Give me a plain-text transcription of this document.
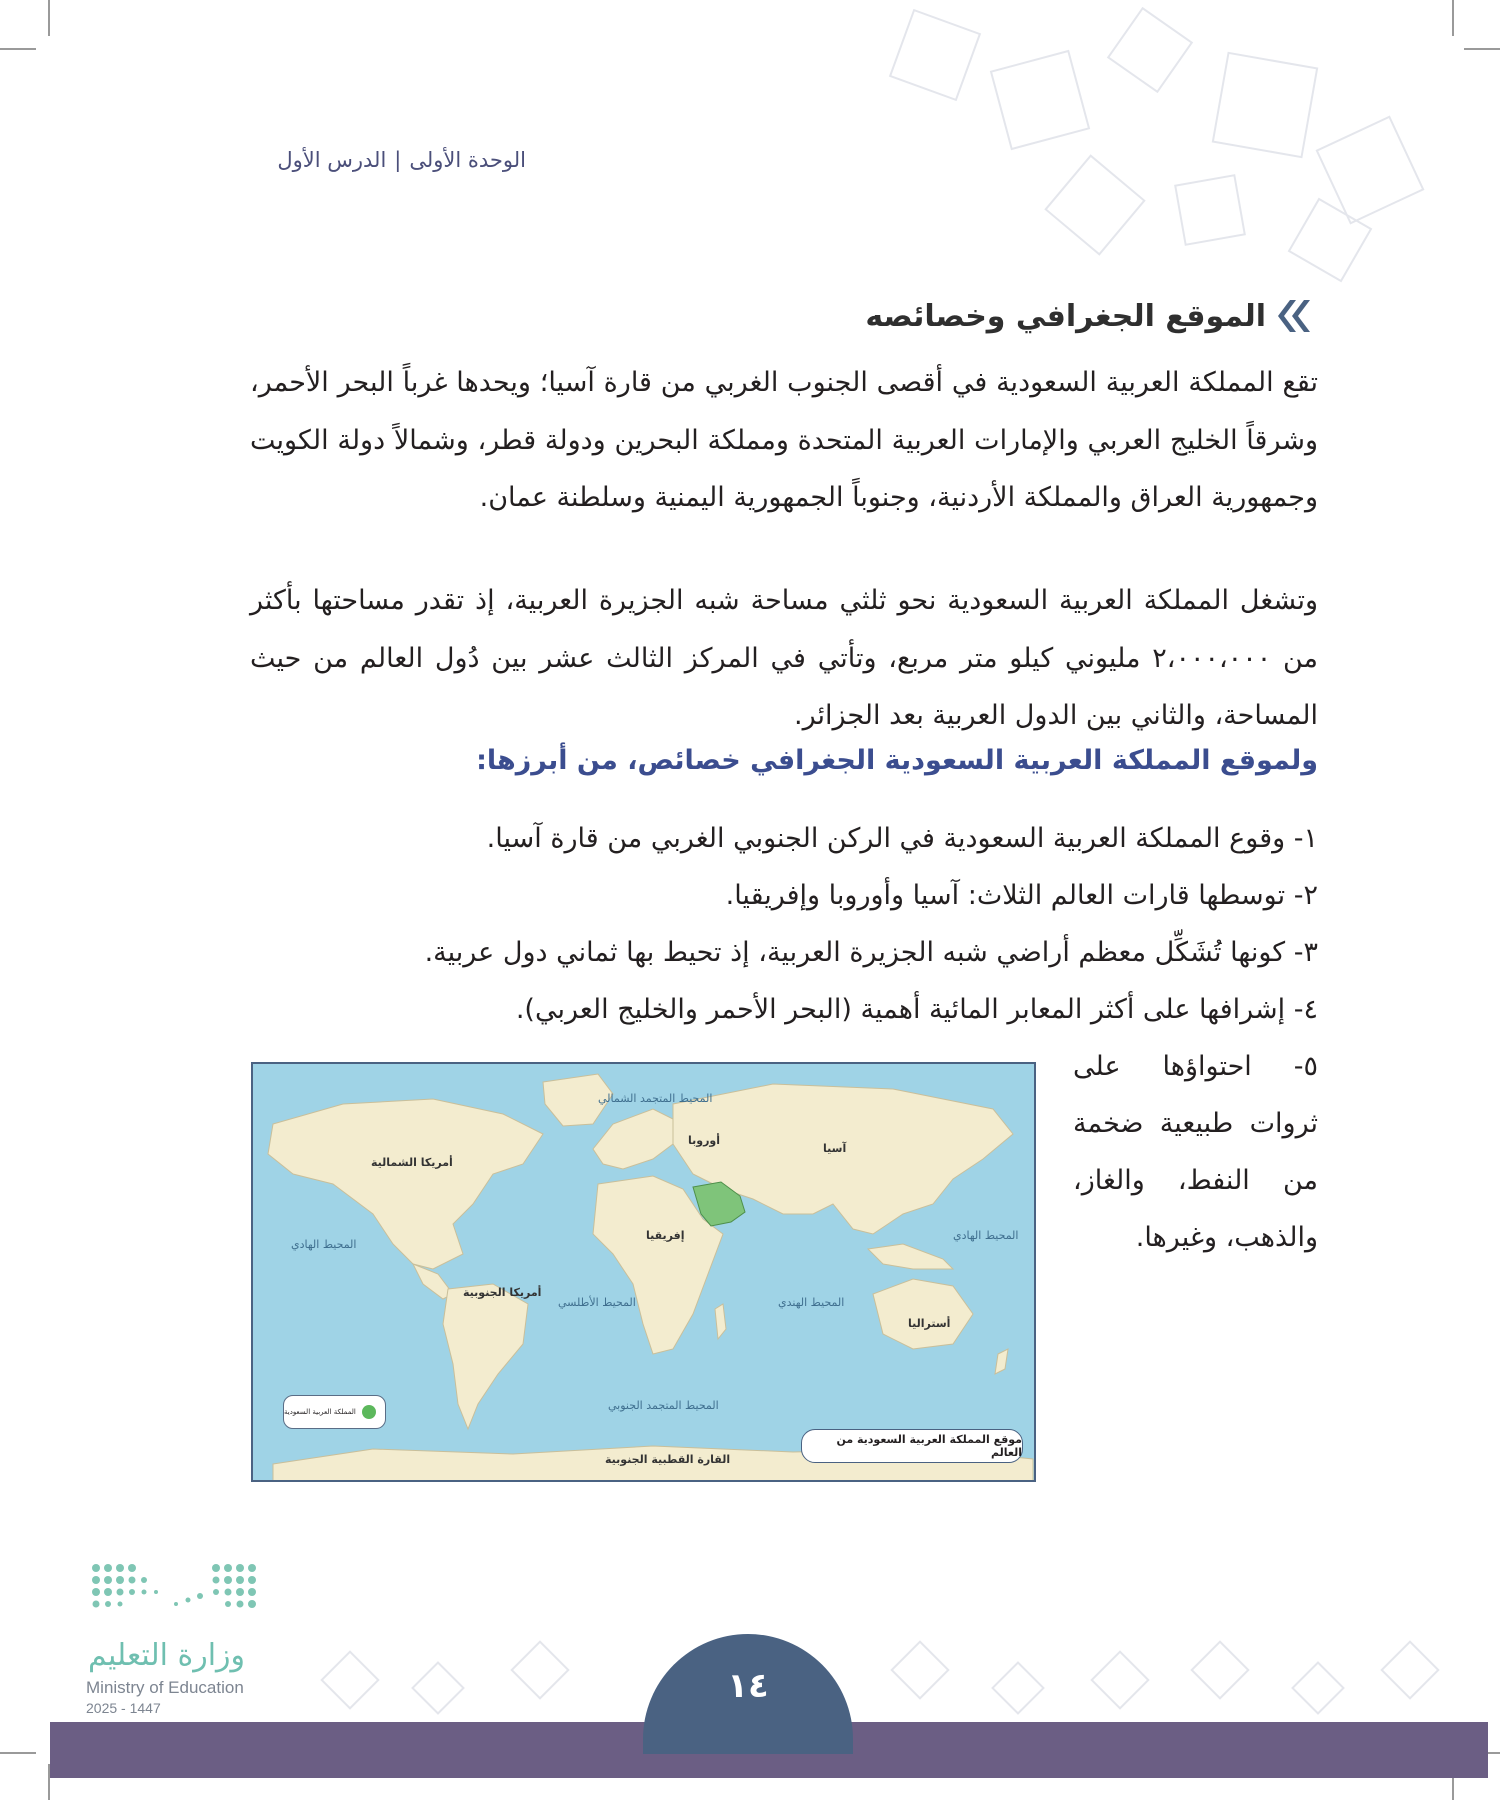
الوحدة الأولى|الدرس الأول
الموقع الجغرافي وخصائصه

تقع المملكة العربية السعودية في أقصى الجنوب الغربي من قارة آسيا؛ ويحدها غرباً البحر الأحمر، وشرقاً الخليج العربي والإمارات العربية المتحدة ومملكة البحرين ودولة قطر، وشمالاً دولة الكويت وجمهورية العراق والمملكة الأردنية، وجنوباً الجمهورية اليمنية وسلطنة عمان.

وتشغل المملكة العربية السعودية نحو ثلثي مساحة شبه الجزيرة العربية، إذ تقدر مساحتها بأكثر من ٢،٠٠٠،٠٠٠ مليوني كيلو متر مربع، وتأتي في المركز الثالث عشر بين دُول العالم من حيث المساحة، والثاني بين الدول العربية بعد الجزائر.

ولموقع المملكة العربية السعودية الجغرافي خصائص، من أبرزها:
١- وقوع المملكة العربية السعودية في الركن الجنوبي الغربي من قارة آسيا.
٢- توسطها قارات العالم الثلاث: آسيا وأوروبا وإفريقيا.
٣- كونها تُشَكِّل معظم أراضي شبه الجزيرة العربية، إذ تحيط بها ثماني دول عربية.
٤- إشرافها على أكثر المعابر المائية أهمية (البحر الأحمر والخليج العربي).
٥- احتواؤها على ثروات طبيعية ضخمة من النفط، والغاز، والذهب، وغيرها.
المحيط المتجمد الشمالي
أوروبا
آسيا
أمريكا الشمالية
المحيط الهادي
المحيط الهادي
إفريقيا
أمريكا الجنوبية
المحيط الأطلسي	المحيط الهندي
أستراليا
المحيط المتجمد الجنوبي
القارة القطبية الجنوبية
المملكة العربية السعودية
موقع المملكة العربية السعودية من العالم
وزارة التعليم
Ministry of Education
2025 - 1447
١٤
